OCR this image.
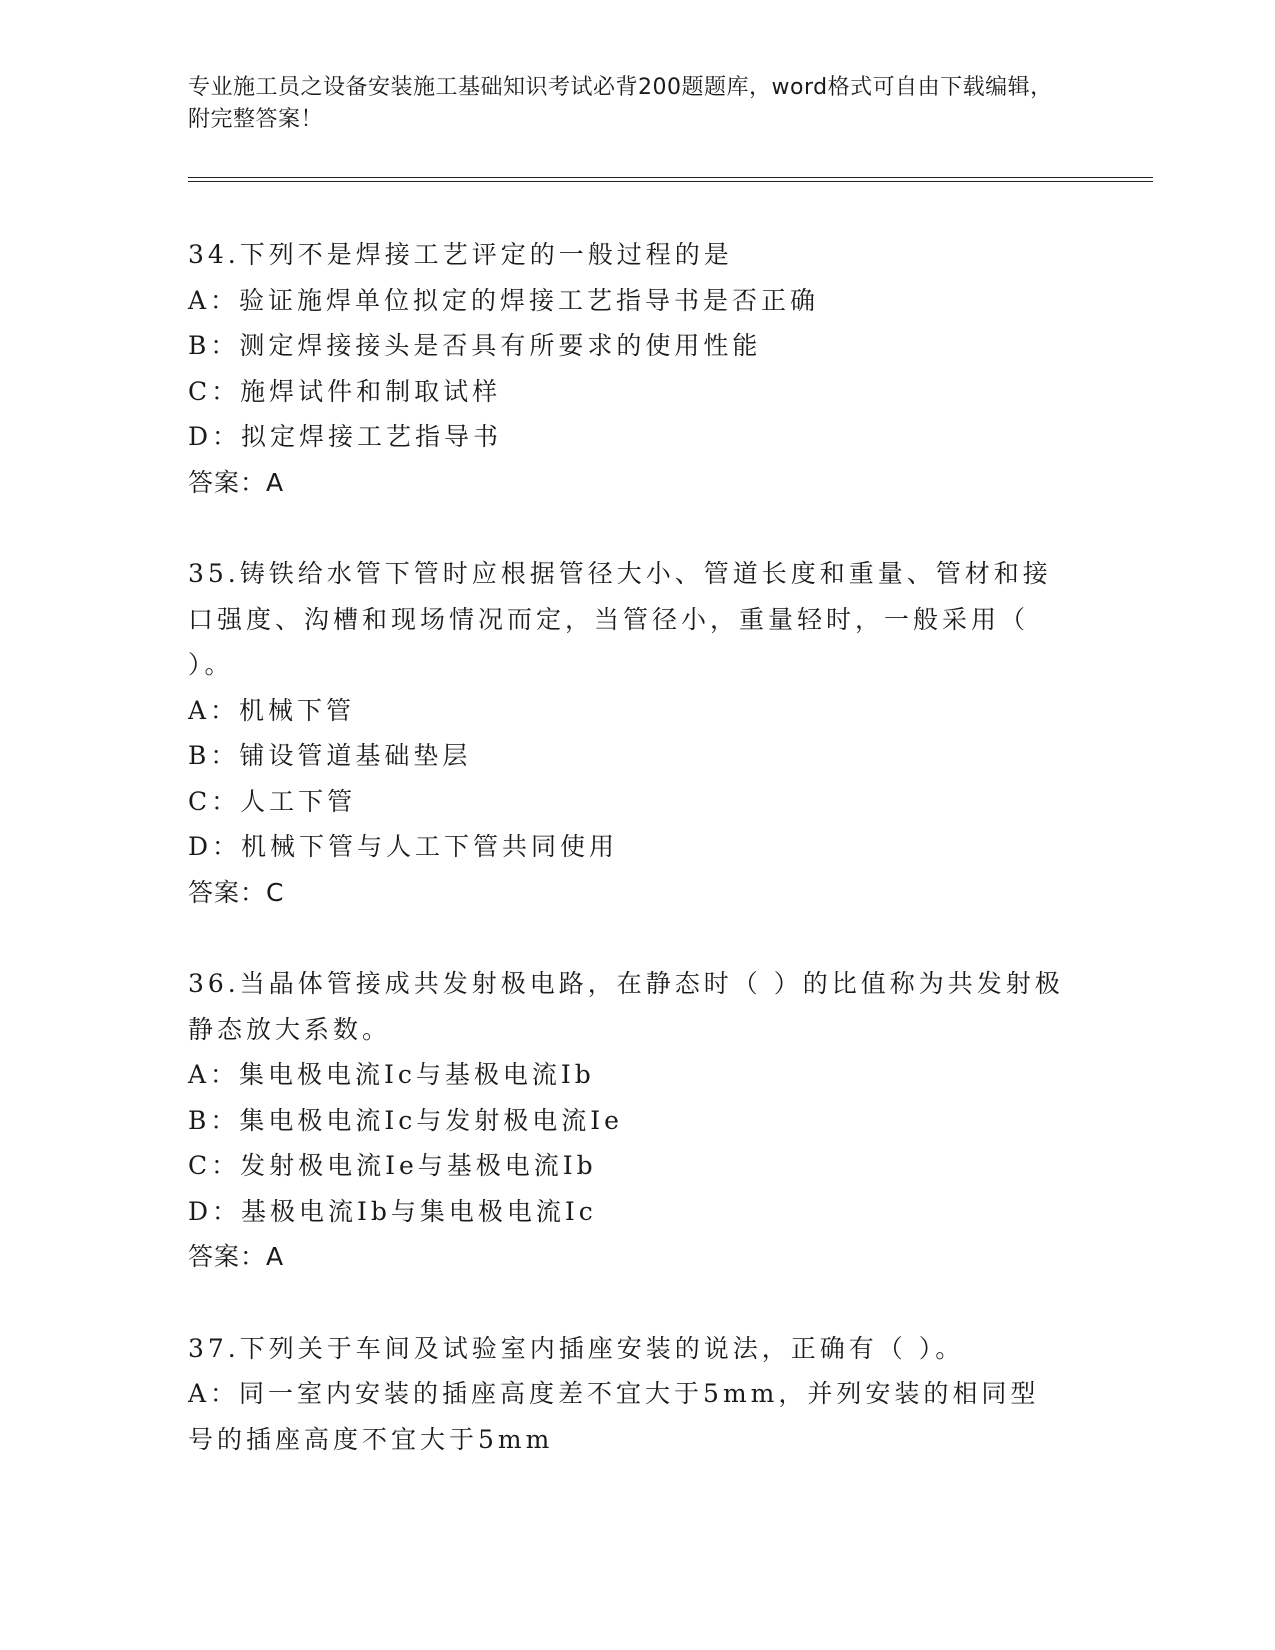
专业施工员之设备安装施工基础知识考试必背200题题库，word格式可自由下载编辑，附完整答案！
34.下列不是焊接工艺评定的一般过程的是
A：验证施焊单位拟定的焊接工艺指导书是否正确
B：测定焊接接头是否具有所要求的使用性能
C：施焊试件和制取试样
D：拟定焊接工艺指导书
答案：A
35.铸铁给水管下管时应根据管径大小、管道长度和重量、管材和接口强度、沟槽和现场情况而定，当管径小，重量轻时，一般采用（ ）。
A：机械下管
B：铺设管道基础垫层
C：人工下管
D：机械下管与人工下管共同使用
答案：C
36.当晶体管接成共发射极电路，在静态时（ ）的比值称为共发射极静态放大系数。
A：集电极电流Ic与基极电流Ib
B：集电极电流Ic与发射极电流Ie
C：发射极电流Ie与基极电流Ib
D：基极电流Ib与集电极电流Ic
答案：A
37.下列关于车间及试验室内插座安装的说法，正确有（ ）。
A：同一室内安装的插座高度差不宜大于5mm，并列安装的相同型号的插座高度不宜大于5mm
